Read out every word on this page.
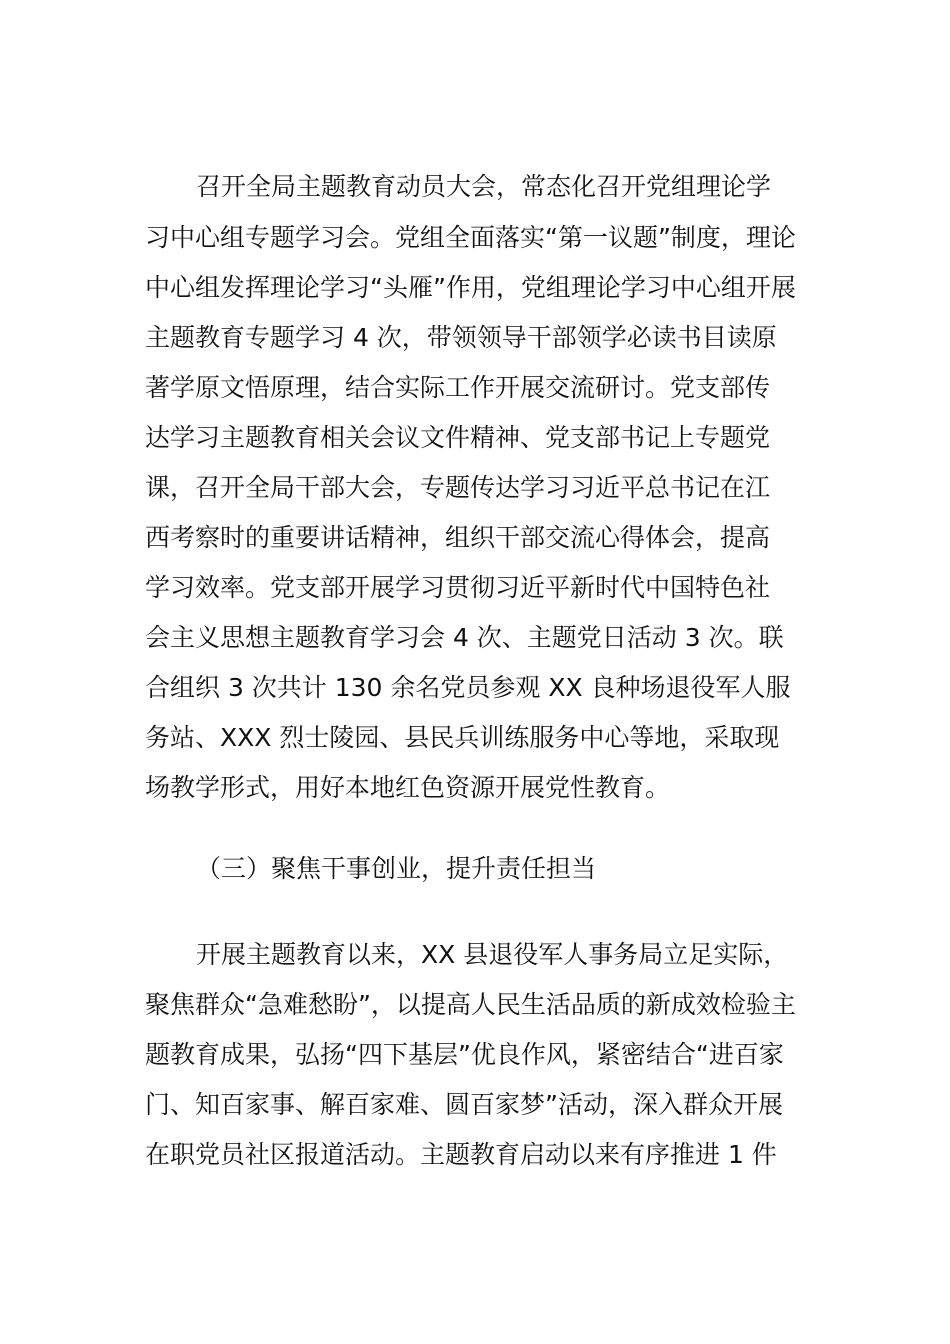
召开全局主题教育动员大会，常态化召开党组理论学
习中心组专题学习会。党组全面落实“第一议题”制度，理论
中心组发挥理论学习“头雁”作用，党组理论学习中心组开展
主题教育专题学习 4 次，带领领导干部领学必读书目读原
著学原文悟原理，结合实际工作开展交流研讨。党支部传
达学习主题教育相关会议文件精神、党支部书记上专题党
课，召开全局干部大会，专题传达学习习近平总书记在江
西考察时的重要讲话精神，组织干部交流心得体会，提高
学习效率。党支部开展学习贯彻习近平新时代中国特色社
会主义思想主题教育学习会 4 次、主题党日活动 3 次。联
合组织 3 次共计 130 余名党员参观 XX 良种场退役军人服
务站、XXX 烈士陵园、县民兵训练服务中心等地，采取现
场教学形式，用好本地红色资源开展党性教育。
（三）聚焦干事创业，提升责任担当
开展主题教育以来，XX 县退役军人事务局立足实际，
聚焦群众“急难愁盼”，以提高人民生活品质的新成效检验主
题教育成果，弘扬“四下基层”优良作风，紧密结合“进百家
门、知百家事、解百家难、圆百家梦”活动，深入群众开展
在职党员社区报道活动。主题教育启动以来有序推进 1 件
